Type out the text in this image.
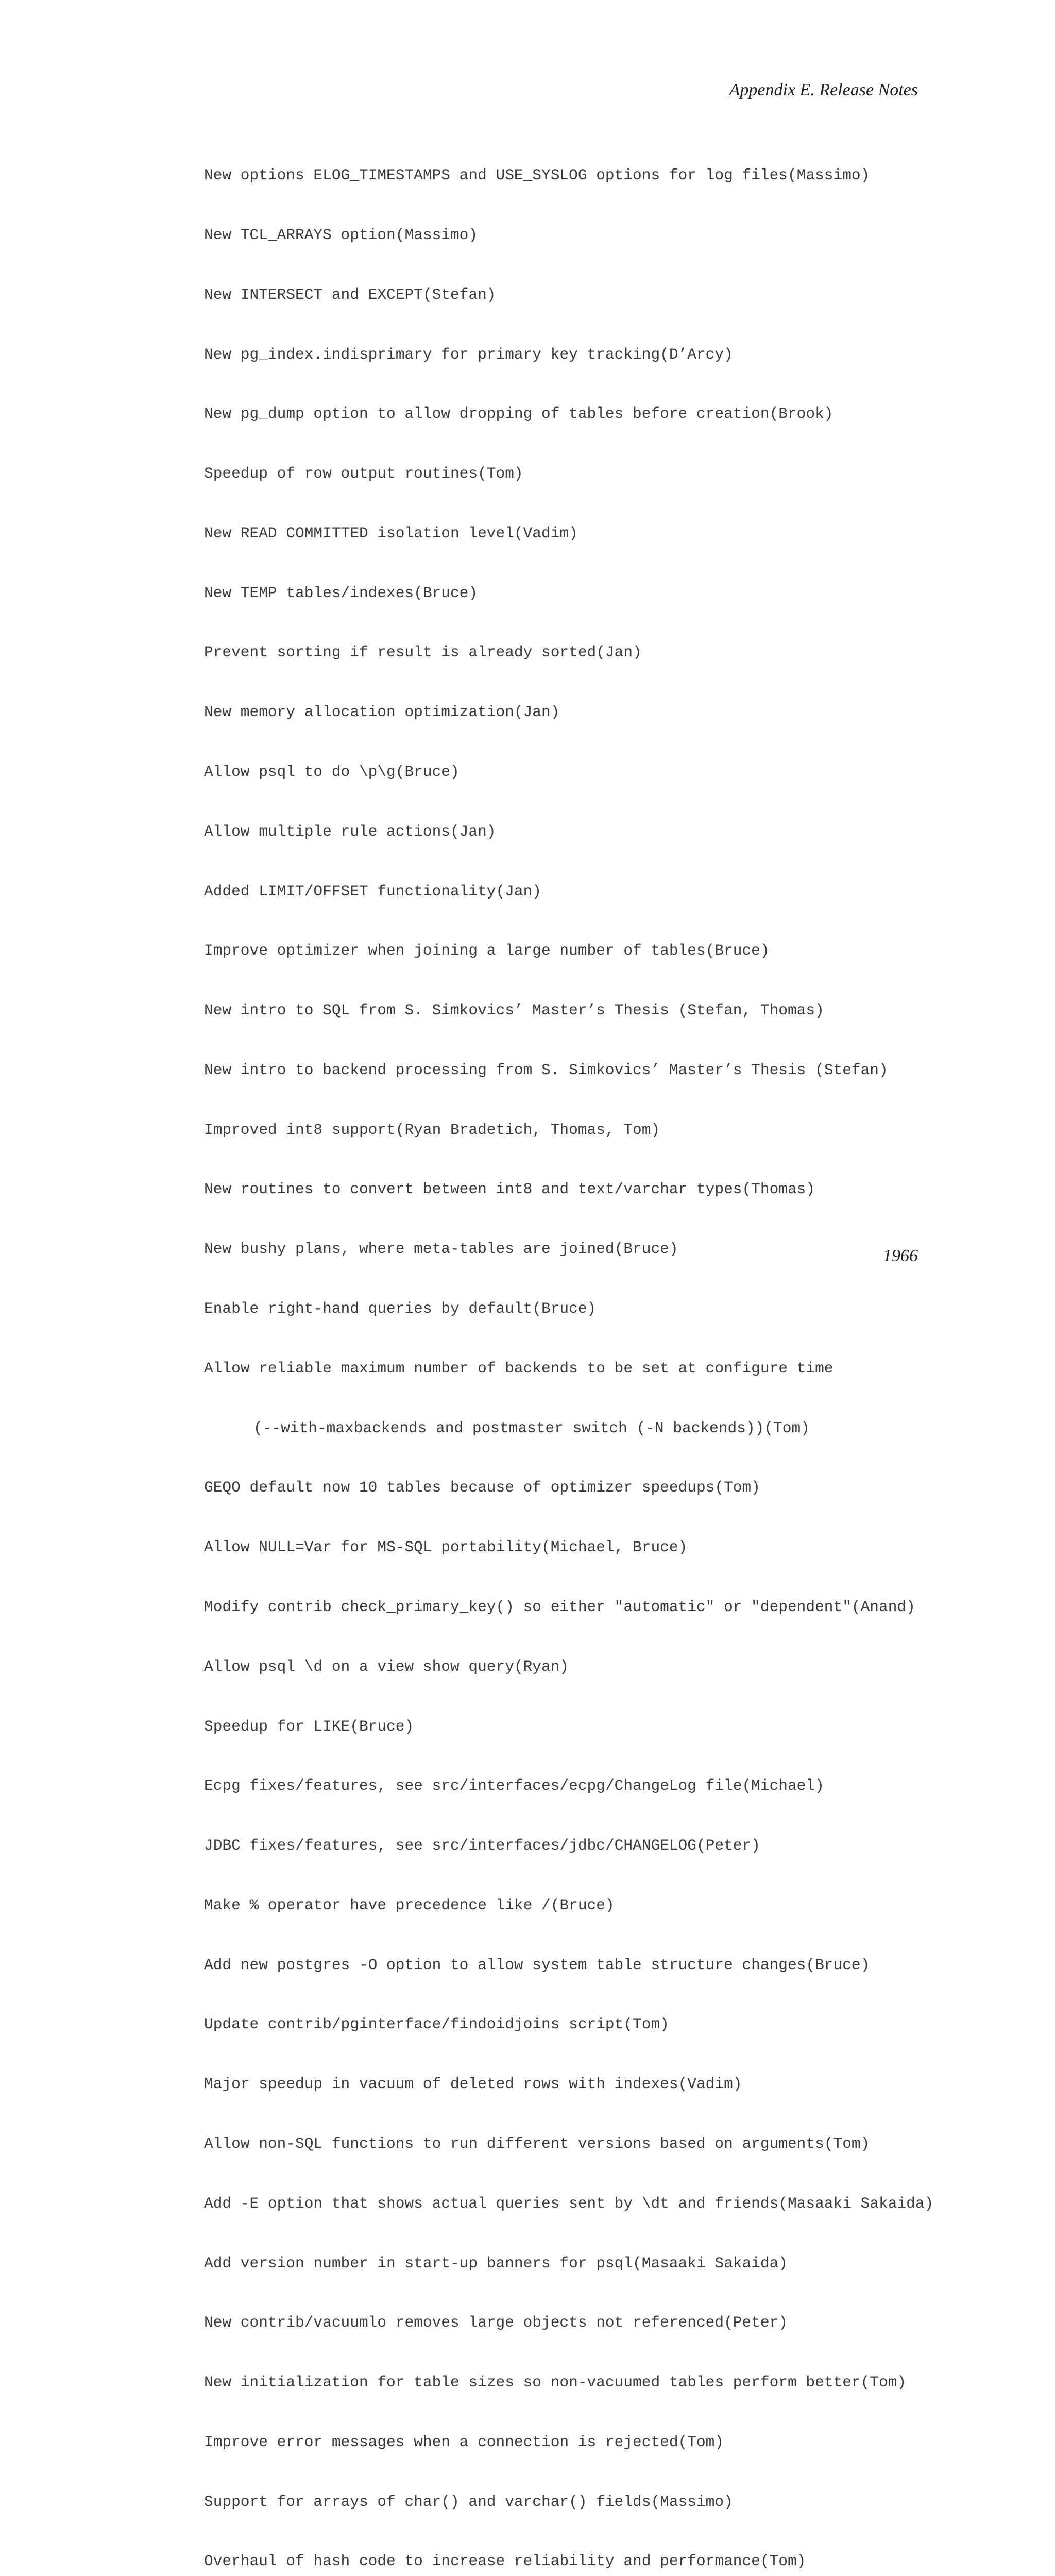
Appendix E. Release Notes

New options ELOG_TIMESTAMPS and USE_SYSLOG options for log files(Massimo)

New TCL_ARRAYS option(Massimo)

New INTERSECT and EXCEPT(Stefan)

New pg_index.indisprimary for primary key tracking(D’Arcy)

New pg_dump option to allow dropping of tables before creation(Brook)

Speedup of row output routines(Tom)

New READ COMMITTED isolation level(Vadim)

New TEMP tables/indexes(Bruce)

Prevent sorting if result is already sorted(Jan)

New memory allocation optimization(Jan)

Allow psql to do \p\g(Bruce)

Allow multiple rule actions(Jan)

Added LIMIT/OFFSET functionality(Jan)

Improve optimizer when joining a large number of tables(Bruce)

New intro to SQL from S. Simkovics’ Master’s Thesis (Stefan, Thomas)

New intro to backend processing from S. Simkovics’ Master’s Thesis (Stefan)

Improved int8 support(Ryan Bradetich, Thomas, Tom)

New routines to convert between int8 and text/varchar types(Thomas)

New bushy plans, where meta-tables are joined(Bruce)

Enable right-hand queries by default(Bruce)

Allow reliable maximum number of backends to be set at configure time

(--with-maxbackends and postmaster switch (-N backends))(Tom)

GEQO default now 10 tables because of optimizer speedups(Tom)

Allow NULL=Var for MS-SQL portability(Michael, Bruce)

Modify contrib check_primary_key() so either "automatic" or "dependent"(Anand)

Allow psql \d on a view show query(Ryan)

Speedup for LIKE(Bruce)

Ecpg fixes/features, see src/interfaces/ecpg/ChangeLog file(Michael)

JDBC fixes/features, see src/interfaces/jdbc/CHANGELOG(Peter)

Make % operator have precedence like /(Bruce)

Add new postgres -O option to allow system table structure changes(Bruce)

Update contrib/pginterface/findoidjoins script(Tom)

Major speedup in vacuum of deleted rows with indexes(Vadim)

Allow non-SQL functions to run different versions based on arguments(Tom)

Add -E option that shows actual queries sent by \dt and friends(Masaaki Sakaida)

Add version number in start-up banners for psql(Masaaki Sakaida)

New contrib/vacuumlo removes large objects not referenced(Peter)

New initialization for table sizes so non-vacuumed tables perform better(Tom)

Improve error messages when a connection is rejected(Tom)

Support for arrays of char() and varchar() fields(Massimo)

Overhaul of hash code to increase reliability and performance(Tom)

1966
